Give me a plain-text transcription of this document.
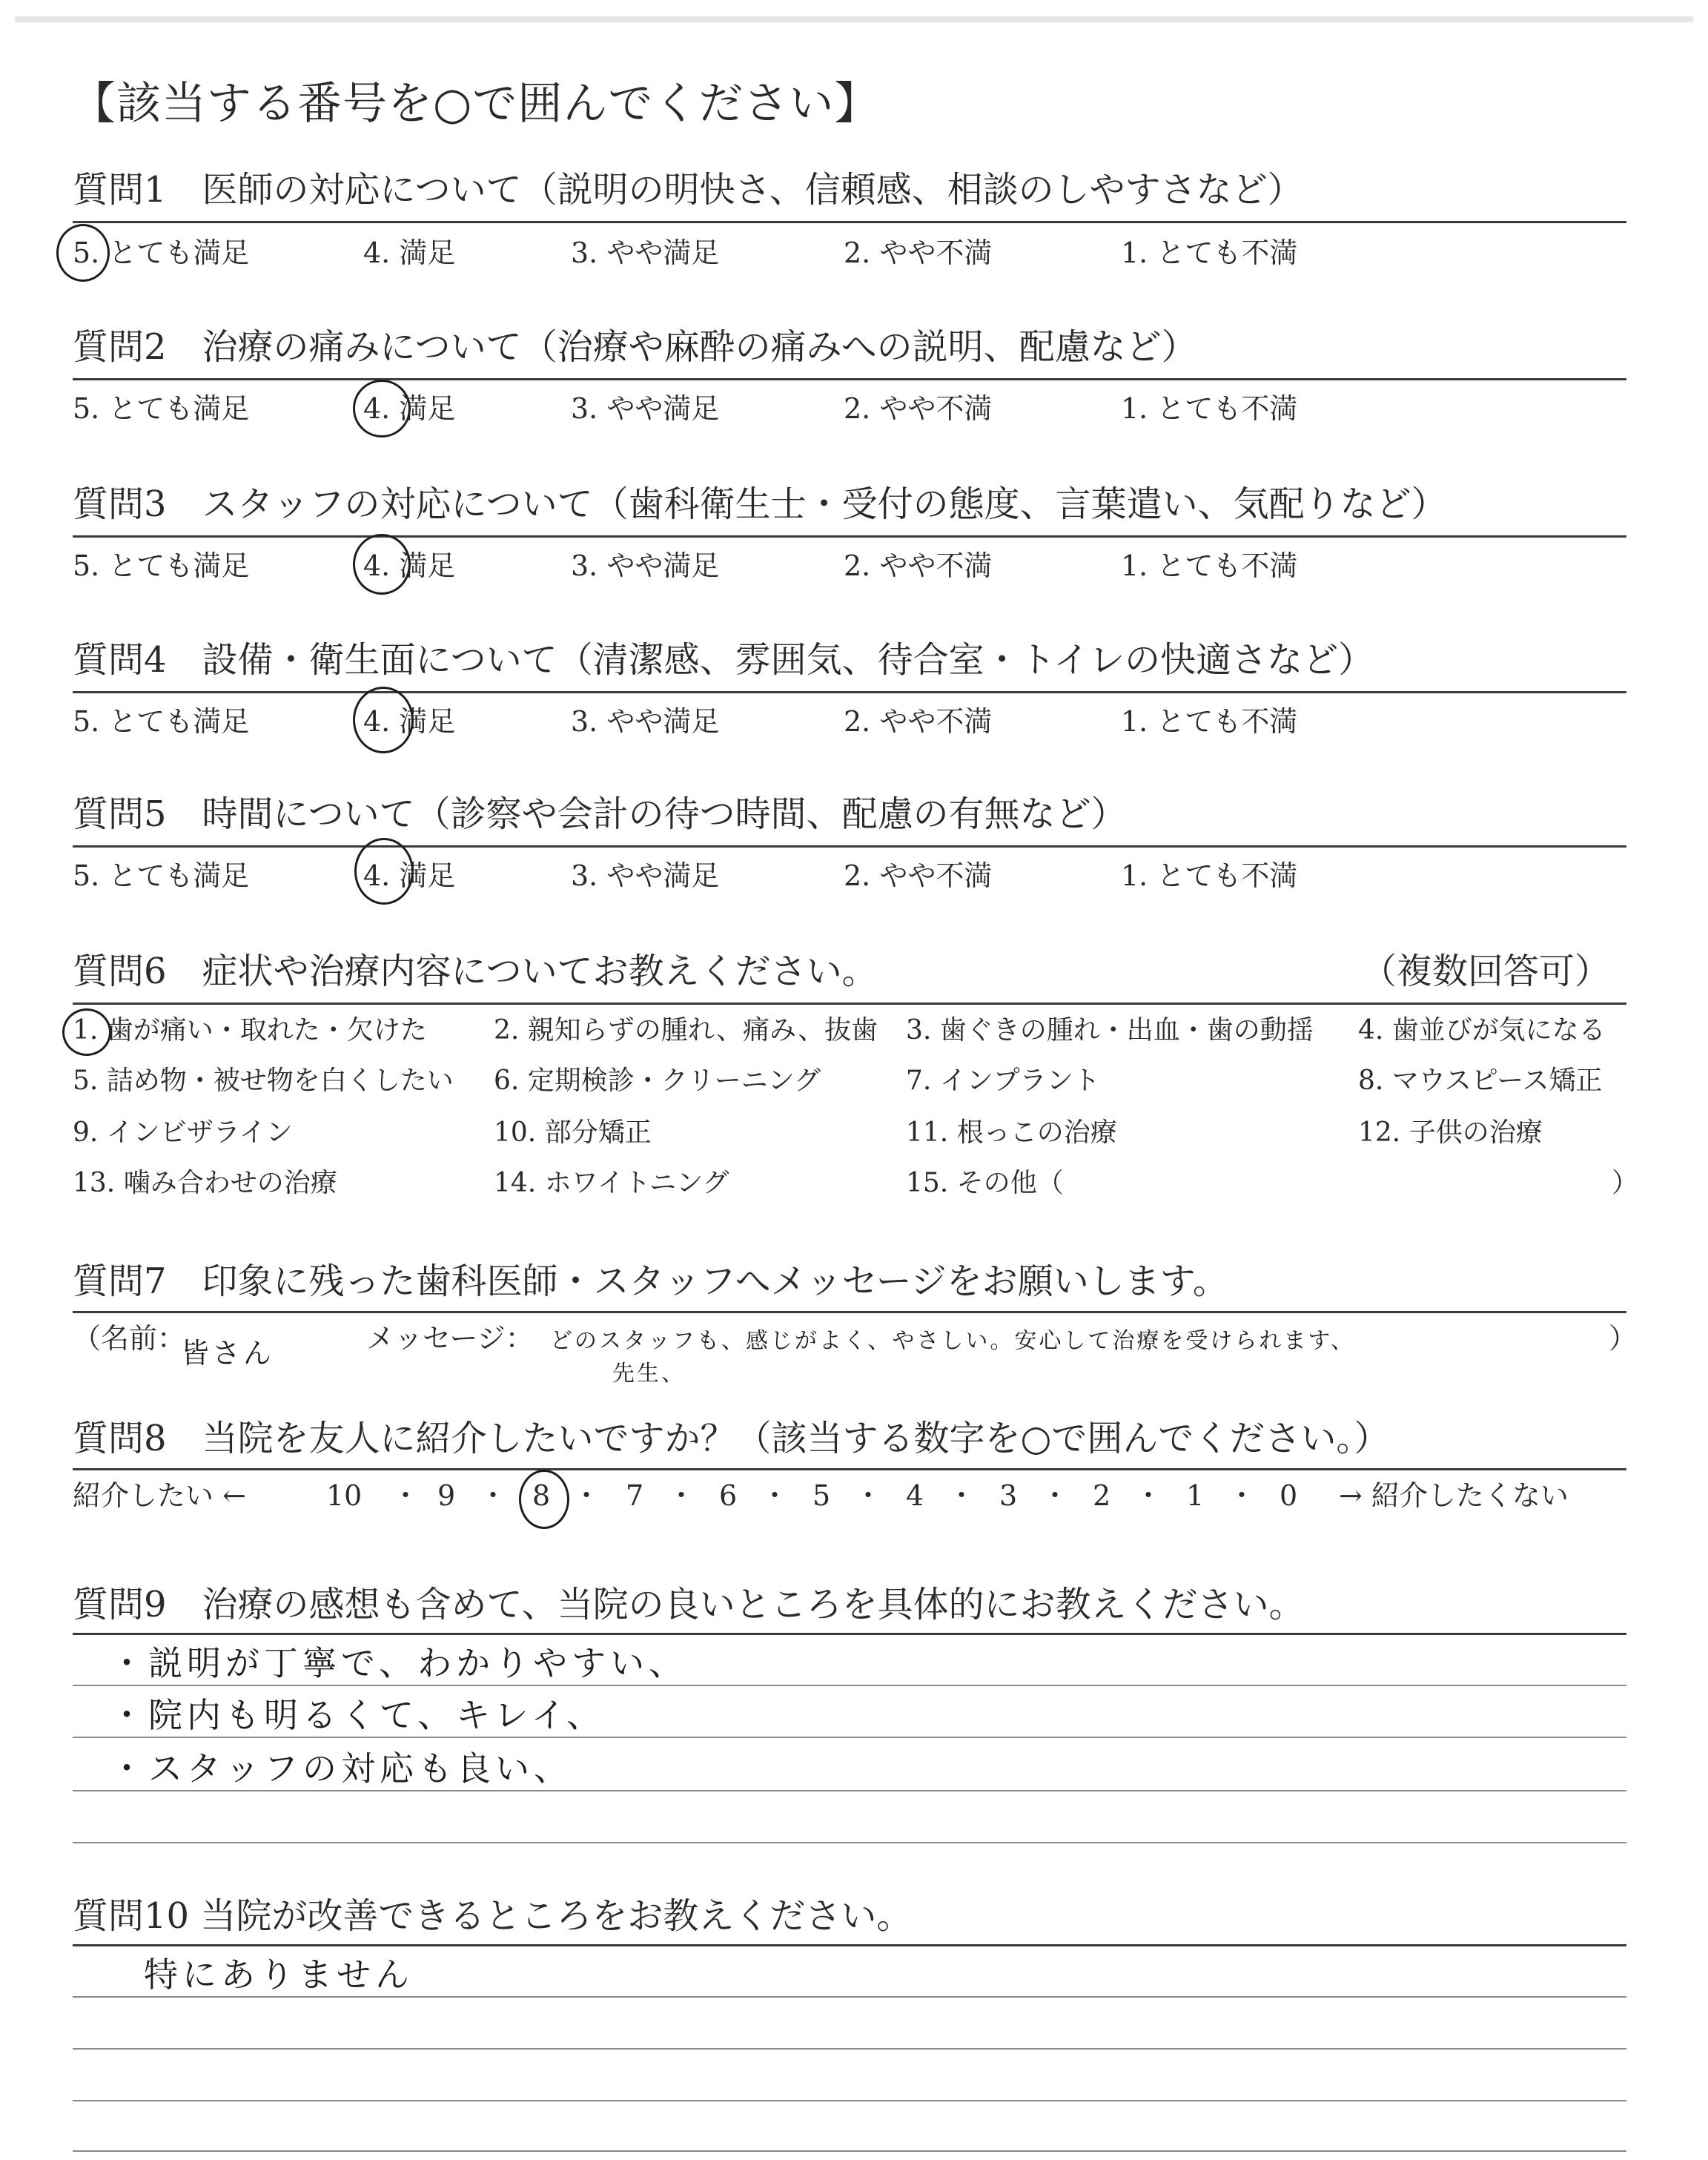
【該当する番号を○で囲んでください】
質問1　医師の対応について（説明の明快さ、信頼感、相談のしやすさなど）
5. とても満足	4. 満足	3. やや満足	2. やや不満	1. とても不満
質問2　治療の痛みについて（治療や麻酔の痛みへの説明、配慮など）
5. とても満足	4. 満足	3. やや満足	2. やや不満	1. とても不満
質問3　スタッフの対応について（歯科衛生士・受付の態度、言葉遣い、気配りなど）
5. とても満足	4. 満足	3. やや満足	2. やや不満	1. とても不満
質問4　設備・衛生面について（清潔感、雰囲気、待合室・トイレの快適さなど）
5. とても満足	4. 満足	3. やや満足	2. やや不満	1. とても不満
質問5　時間について（診察や会計の待つ時間、配慮の有無など）
5. とても満足	4. 満足	3. やや満足	2. やや不満	1. とても不満
質問6　症状や治療内容についてお教えください。	（複数回答可）
1. 歯が痛い・取れた・欠けた	2. 親知らずの腫れ、痛み、抜歯 3. 歯ぐきの腫れ・出血・歯の動揺 4. 歯並びが気になる
5. 詰め物・被せ物を白くしたい 6. 定期検診・クリーニング	7. インプラント	8. マウスピース矯正
9. インビザライン	10. 部分矯正	11. 根っこの治療	12. 子供の治療
13. 噛み合わせの治療	14. ホワイトニング	15. その他（	）
質問7　印象に残った歯科医師・スタッフへメッセージをお願いします。
（名前：
皆さん	メッセージ： どのスタッフも、感じがよく、やさしい。安心して治療を受けられます、
先生、
）
質問8　当院を友人に紹介したいですか？（該当する数字を○で囲んでください。）
紹介したい ←	10 ・ 9 ・ 8 ・ 7 ・ 6 ・ 5 ・ 4 ・ 3 ・ 2 ・ 1 ・ 0 → 紹介したくない
質問9　治療の感想も含めて、当院の良いところを具体的にお教えください。
・説明が丁寧で、わかりやすい、
・院内も明るくて、キレイ、
・スタッフの対応も良い、
質問10 当院が改善できるところをお教えください。
特にありません
